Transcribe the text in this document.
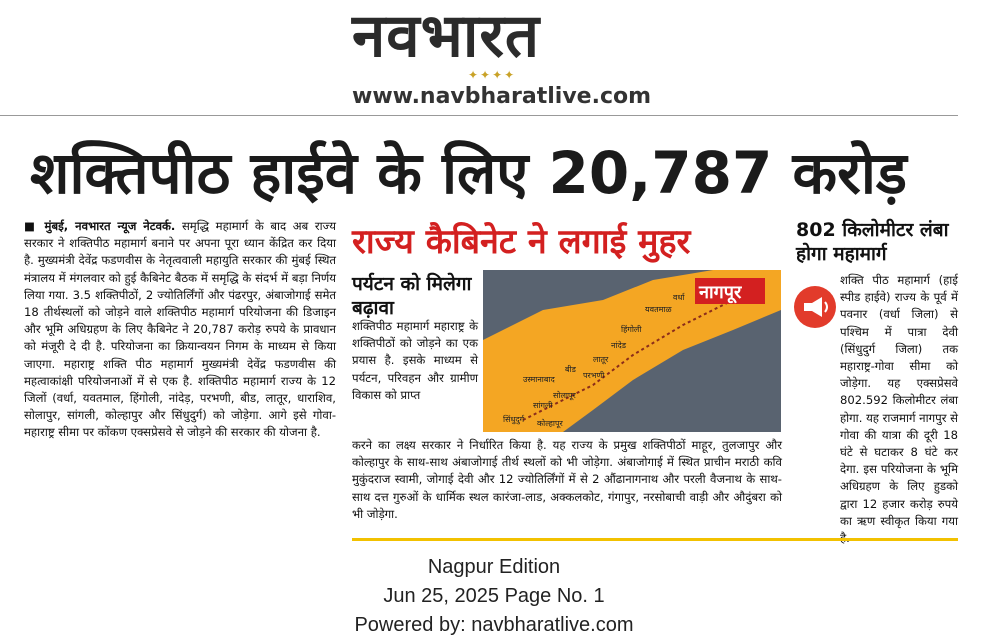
नवभारत
✦✦✦✦
www.navbharatlive.com
शक्तिपीठ हाईवे के लिए 20,787 करोड़
■ मुंबई, नवभारत न्यूज नेटवर्क. समृद्धि महामार्ग के बाद अब राज्य सरकार ने शक्तिपीठ महामार्ग बनाने पर अपना पूरा ध्यान केंद्रित कर दिया है. मुख्यमंत्री देवेंद्र फडणवीस के नेतृत्ववाली महायुति सरकार की मुंबई स्थित मंत्रालय में मंगलवार को हुई कैबिनेट बैठक में समृद्धि के संदर्भ में बड़ा निर्णय लिया गया. 3.5 शक्तिपीठों, 2 ज्योतिर्लिंगों और पंढरपुर, अंबाजोगाई समेत 18 तीर्थस्थलों को जोड़ने वाले शक्तिपीठ महामार्ग परियोजना की डिजाइन और भूमि अधिग्रहण के लिए कैबिनेट ने 20,787 करोड़ रुपये के प्रावधान को मंजूरी दे दी है. परियोजना का क्रियान्वयन निगम के माध्यम से किया जाएगा. महाराष्ट्र शक्ति पीठ महामार्ग मुख्यमंत्री देवेंद्र फडणवीस की महत्वाकांक्षी परियोजनाओं में से एक है. शक्तिपीठ महामार्ग राज्य के 12 जिलों (वर्धा, यवतमाल, हिंगोली, नांदेड़, परभणी, बीड, लातूर, धाराशिव, सोलापुर, सांगली, कोल्हापुर और सिंधुदुर्ग) को जोड़ेगा. आगे इसे गोवा-महाराष्ट्र सीमा पर कोंकण एक्सप्रेसवे से जोड़ने की सरकार की योजना है.
राज्य कैबिनेट ने लगाई मुहर
पर्यटन को मिलेगा बढ़ावा
शक्तिपीठ महामार्ग महाराष्ट्र के शक्तिपीठों को जोड़ने का एक प्रयास है. इसके माध्यम से पर्यटन, परिवहन और ग्रामीण विकास को प्राप्त
नागपूर
वर्धा
यवतमाळ
हिंगोली
नांदेड
लातूर
परभणी
बीड
उस्मानाबाद
सोलापूर
सांगली
कोल्हापूर
सिंधुदुर्ग
करने का लक्ष्य सरकार ने निर्धारित किया है. यह राज्य के प्रमुख शक्तिपीठों माहूर, तुलजापुर और कोल्हापुर के साथ-साथ अंबाजोगाई तीर्थ स्थलों को भी जोड़ेगा. अंबाजोगाई में स्थित प्राचीन मराठी कवि मुकुंदराज स्वामी, जोगाई देवी और 12 ज्योतिर्लिंगों में से 2 औंढानागनाथ और परली वैजनाथ के साथ-साथ दत्त गुरुओं के धार्मिक स्थल कारंजा-लाड, अक्कलकोट, गंगापुर, नरसोबाची वाड़ी और औदुंबरा को भी जोड़ेगा.
802 किलोमीटर लंबा होगा महामार्ग
शक्ति पीठ महामार्ग (हाई स्पीड हाईवे) राज्य के पूर्व में पवनार (वर्धा जिला) से पश्चिम में पात्रा देवी (सिंधुदुर्ग जिला) तक महाराष्ट्र-गोवा सीमा को जोड़ेगा. यह एक्सप्रेसवे 802.592 किलोमीटर लंबा होगा. यह राजमार्ग नागपुर से गोवा की यात्रा की दूरी 18 घंटे से घटाकर 8 घंटे कर देगा. इस परियोजना के भूमि अधिग्रहण के लिए हुडको द्वारा 12 हजार करोड़ रुपये का ऋण स्वीकृत किया गया
Nagpur Edition
Jun 25, 2025 Page No. 1
Powered by: navbharatlive.com
